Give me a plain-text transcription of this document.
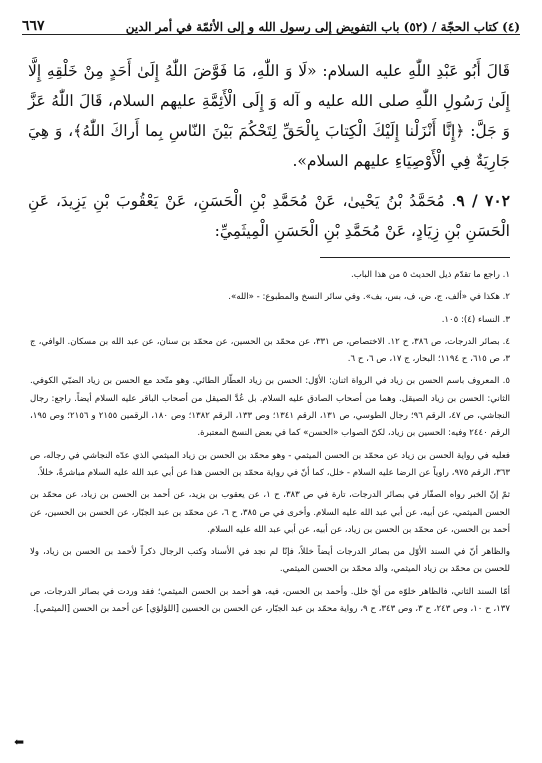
(٤) كتاب الحجّة / (٥٢) باب التفويض إلى رسول الله و إلى الأئمّة في أمر الدين
٦٦٧

قَالَ أَبُو عَبْدِ اللّٰهِ عليه السلام: «لَا وَ اللّٰهِ، مَا فَوَّضَ اللّٰهُ إِلَىٰ أَحَدٍ مِنْ خَلْقِهِ إِلَّا إِلَىٰ رَسُولِ اللّٰهِ صلى الله عليه و آله وَ إِلَى الْأَئِمَّةِ عليهم السلام، قَالَ اللّٰهُ عَزَّ وَ جَلَّ: ﴿إِنَّا أَنْزَلْنا إِلَيْكَ الْكِتابَ بِالْحَقِّ لِتَحْكُمَ بَيْنَ النّاسِ بِما أَراكَ اللّٰهُ﴾، وَ هِيَ جَارِيَةٌ فِي الْأَوْصِيَاءِ عليهم السلام».

٧٠٢ / ٩. مُحَمَّدُ بْنُ يَحْيىٰ، عَنْ مُحَمَّدِ بْنِ الْحَسَنِ، عَنْ يَعْقُوبَ بْنِ يَزِيدَ، عَنِ الْحَسَنِ بْنِ زِيَادٍ، عَنْ مُحَمَّدِ بْنِ الْحَسَنِ الْمِيثَمِيِّ:

١. راجع ما تقدّم ذيل الحديث ٥ من هذا الباب.
٢. هكذا في «ألف، ج، ض، ف، بس، بف». وفي سائر النسخ والمطبوع: - «الله».
٣. النساء (٤): ١٠٥.
٤. بصائر الدرجات، ص ٣٨٦، ح ١٢. الاختصاص، ص ٣٣١، عن محمّد بن الحسين، عن محمّد بن سنان، عن عبد الله بن مسكان. الوافي، ج ٣، ص ٦١٥، ح ١١٩٤؛ البحار، ج ١٧، ص ٦، ح ٦.
٥. المعروف باسم الحسن بن زياد في الرواة اثنان: الأوّل: الحسن بن زياد العطّار الطائي. وهو متّحد مع الحسن بن زياد الضبّي الكوفي. الثاني: الحسن بن زياد الصيقل. وهما من أصحاب الصادق عليه السلام. بل عُدَّ الصيقل من أصحاب الباقر عليه السلام أيضاً. راجع: رجال النجاشي، ص ٤٧، الرقم ٩٦؛ رجال الطوسي، ص ١٣١، الرقم ١٣٤١؛ وص ١٣٣، الرقم ١٣٨٢؛ وص ١٨٠، الرقمين ٢١٥٥ و ٢١٥٦؛ وص ١٩٥، الرقم ٢٤٤٠ وفيه: الحسين بن زياد، لكنّ الصواب «الحسن» كما في بعض النسخ المعتبرة.
فعليه في رواية الحسن بن زياد عن محمّد بن الحسن الميثمي - وهو محمّد بن الحسن بن زياد الميثمي الذي عدّه النجاشي في رجاله، ص ٣٦٣، الرقم ٩٧٥، راوياً عن الرضا عليه السلام - خلل، كما أنّ في رواية محمّد بن الحسن هذا عن أبي عبد الله عليه السلام مباشرةً، خللاً.
ثمّ إنّ الخبر رواه الصفّار في بصائر الدرجات، تارة في ص ٣٨٣، ح ١، عن يعقوب بن يزيد، عن أحمد بن الحسن بن زياد، عن محمّد بن الحسن الميثمي، عن أبيه، عن أبي عبد الله عليه السلام. وأخرى في ص ٣٨٥، ح ٦، عن محمّد بن عبد الجبّار، عن الحسن بن الحسين، عن أحمد بن الحسن، عن محمّد بن الحسن بن زياد، عن أبيه، عن أبي عبد الله عليه السلام.
والظاهر أنّ في السند الأوّل من بصائر الدرجات أيضاً خللاً، فإنّا لم نجد في الأسناد وكتب الرجال ذكراً لأحمد بن الحسن بن زياد، ولا للحسن بن محمّد بن زياد الميثمي، والد محمّد بن الحسن الميثمي.
أمّا السند الثاني، فالظاهر خلوّه من أيّ خلل. وأحمد بن الحسن، فيه، هو أحمد بن الحسن الميثمي؛ فقد وردت في بصائر الدرجات، ص ١٣٧، ح ١٠، وص ٢٤٣، ح ٣، وص ٣٤٣، ح ٩، رواية محمّد بن عبد الجبّار، عن الحسن بن الحسين [اللؤلؤي] عن أحمد بن الحسن [الميثمي].
⬅
